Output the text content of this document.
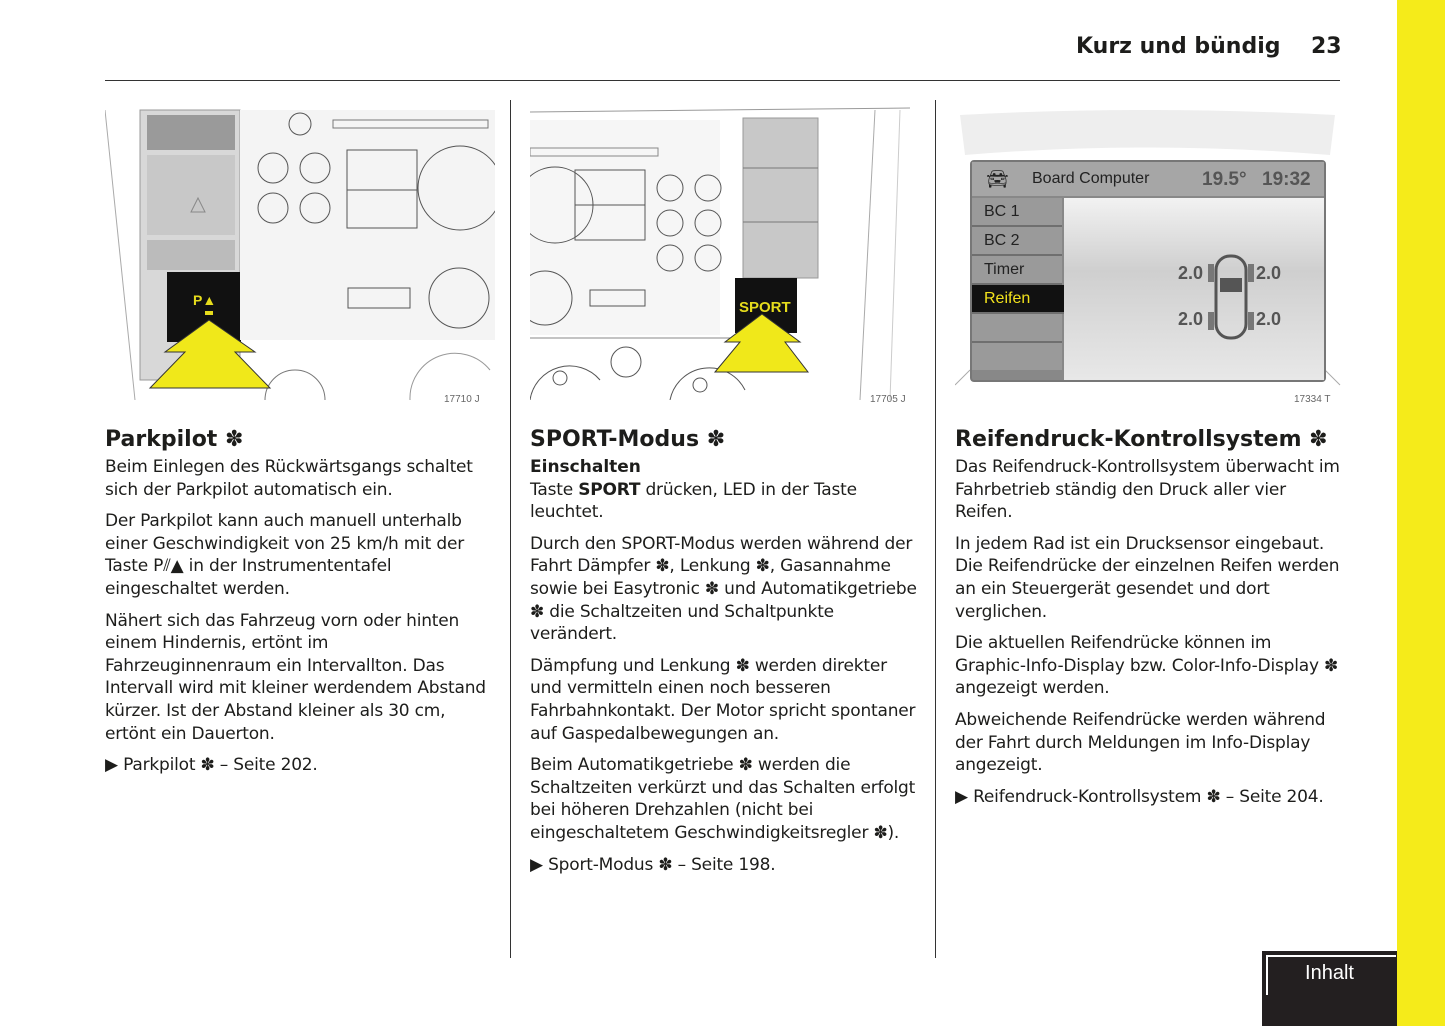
Kurz und bündig 23
P▲
17710 J
SPORT
17705 J
🚘︎ Board Computer	19.5° 19:32
BC 1
BC 2
Timer
Reifen
2.0	2.0
2.0	2.0
17334 T
Parkpilot ✽

Beim Einlegen des Rückwärtsgangs schaltet sich der Parkpilot automatisch ein.

Der Parkpilot kann auch manuell unterhalb einer Geschwindigkeit von 25 km/h mit der Taste P⫽▲ in der Instrumententafel eingeschaltet werden.

Nähert sich das Fahrzeug vorn oder hinten einem Hindernis, ertönt im Fahrzeuginnenraum ein Intervallton. Das Intervall wird mit kleiner werdendem Abstand kürzer. Ist der Abstand kleiner als 30 cm, ertönt ein Dauerton.

▶ Parkpilot ✽ – Seite 202.

SPORT-Modus ✽
Einschalten

Taste SPORT drücken, LED in der Taste leuchtet.

Durch den SPORT-Modus werden während der Fahrt Dämpfer ✽, Lenkung ✽, Gasannahme sowie bei Easytronic ✽ und Automatikgetriebe ✽ die Schaltzeiten und Schaltpunkte verändert.

Dämpfung und Lenkung ✽ werden direkter und vermitteln einen noch besseren Fahrbahnkontakt. Der Motor spricht spontaner auf Gaspedalbewegungen an.

Beim Automatikgetriebe ✽ werden die Schaltzeiten verkürzt und das Schalten erfolgt bei höheren Drehzahlen (nicht bei eingeschaltetem Geschwindigkeitsregler ✽).

▶ Sport-Modus ✽ – Seite 198.

Reifendruck-Kontrollsystem ✽

Das Reifendruck-Kontrollsystem überwacht im Fahrbetrieb ständig den Druck aller vier Reifen.

In jedem Rad ist ein Drucksensor eingebaut. Die Reifendrücke der einzelnen Reifen werden an ein Steuergerät gesendet und dort verglichen.

Die aktuellen Reifendrücke können im Graphic-Info-Display bzw. Color-Info-Display ✽ angezeigt werden.

Abweichende Reifendrücke werden während der Fahrt durch Meldungen im Info-Display angezeigt.

▶ Reifendruck-Kontrollsystem ✽ – Seite 204.

Inhalt
